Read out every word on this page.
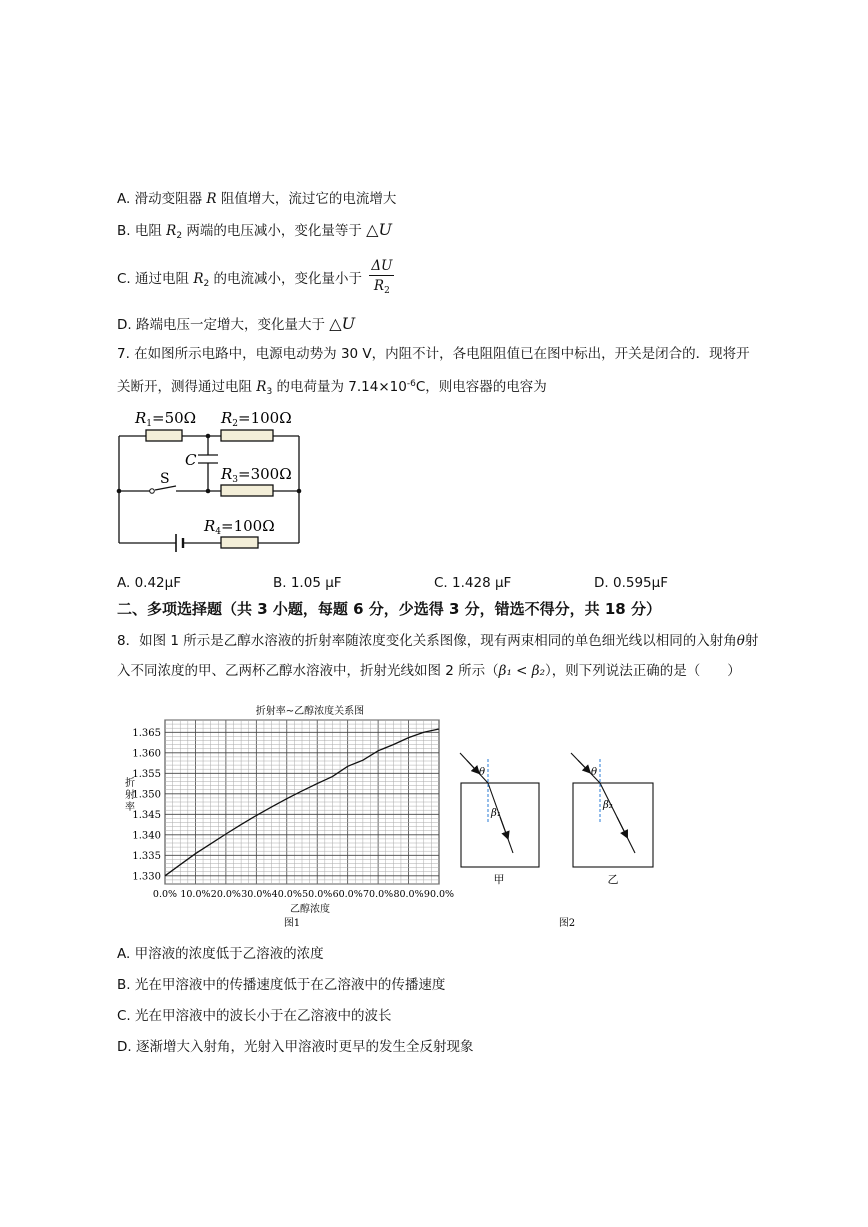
A. 滑动变阻器 R 阻值增大，流过它的电流增大
B. 电阻 $R_2$ 两端的电压减小，变化量等于 △U
C. 通过电阻 $R_2$ 的电流减小，变化量小于 $\frac{\Delta U}{R_2}$
D. 路端电压一定增大，变化量大于 △U
7. 在如图所示电路中，电源电动势为 30 V，内阻不计，各电阻阻值已在图中标出，开关是闭合的．现将开
关断开，测得通过电阻 $R_3$ 的电荷量为 $7.14\times 10^{-6}C$，则电容器的电容为
$R_1=50\Omega$ $R_2=100\Omega$
$R_3=300\Omega$
$R_4=100\Omega$
C
S
A. 0.42μF	B. 1.05 μF	C. 1.428 μF	D. 0.595μF
二、多项选择题（共 3 小题，每题 6 分，少选得 3 分，错选不得分，共 18 分）
8．如图 1 所示是乙醇水溶液的折射率随浓度变化关系图像，现有两束相同的单色细光线以相同的入射角θ射
入不同浓度的甲、乙两杯乙醇水溶液中，折射光线如图 2 所示（β₁ < β₂），则下列说法正确的是（　　）
折射率~乙醇浓度关系图
1.330
1.335
1.340
1.345
1.350
1.355
1.360
1.365
0.0% 10.0% 20.0% 30.0% 40.0% 50.0% 60.0% 70.0% 80.0% 90.0%
折射率
乙醇浓度
图1
θ
β₁
甲
θ
β₂
乙
图2
A. 甲溶液的浓度低于乙溶液的浓度
B. 光在甲溶液中的传播速度低于在乙溶液中的传播速度
C. 光在甲溶液中的波长小于在乙溶液中的波长
D. 逐渐增大入射角，光射入甲溶液时更早的发生全反射现象
